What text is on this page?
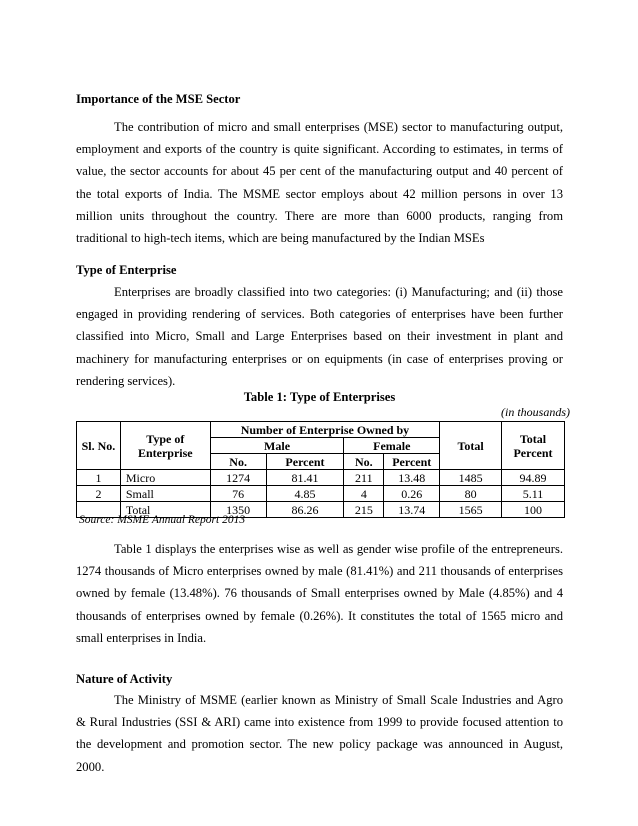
Importance of the MSE Sector

The contribution of micro and small enterprises (MSE) sector to manufacturing output, employment and exports of the country is quite significant. According to estimates, in terms of value, the sector accounts for about 45 per cent of the manufacturing output and 40 percent of the total exports of India. The MSME sector employs about 42 million persons in over 13 million units throughout the country. There are more than 6000 products, ranging from traditional to high-tech items, which are being manufactured by the Indian MSEs

Type of Enterprise

Enterprises are broadly classified into two categories: (i) Manufacturing; and (ii) those engaged in providing rendering of services. Both categories of enterprises have been further classified into Micro, Small and Large Enterprises based on their investment in plant and machinery for manufacturing enterprises or on equipments (in case of enterprises proving or rendering services).

Table 1: Type of Enterprises
(in thousands)
Sl. No.	Type of Enterprise	Number of Enterprise Owned by				Total	Total Percent
		Male		Female			
		No.	Percent	No.	Percent		
1	Micro	1274	81.41	211	13.48	1485	94.89
2	Small	76	4.85	4	0.26	80	5.11
	Total	1350	86.26	215	13.74	1565	100
Source: MSME Annual Report 2013

Table 1 displays the enterprises wise as well as gender wise profile of the entrepreneurs. 1274 thousands of Micro enterprises owned by male (81.41%) and 211 thousands of enterprises owned by female (13.48%). 76 thousands of Small enterprises owned by Male (4.85%) and 4 thousands of enterprises owned by female (0.26%). It constitutes the total of 1565 micro and small enterprises in India.

Nature of Activity

The Ministry of MSME (earlier known as Ministry of Small Scale Industries and Agro & Rural Industries (SSI & ARI) came into existence from 1999 to provide focused attention to the development and promotion sector. The new policy package was announced in August, 2000.
